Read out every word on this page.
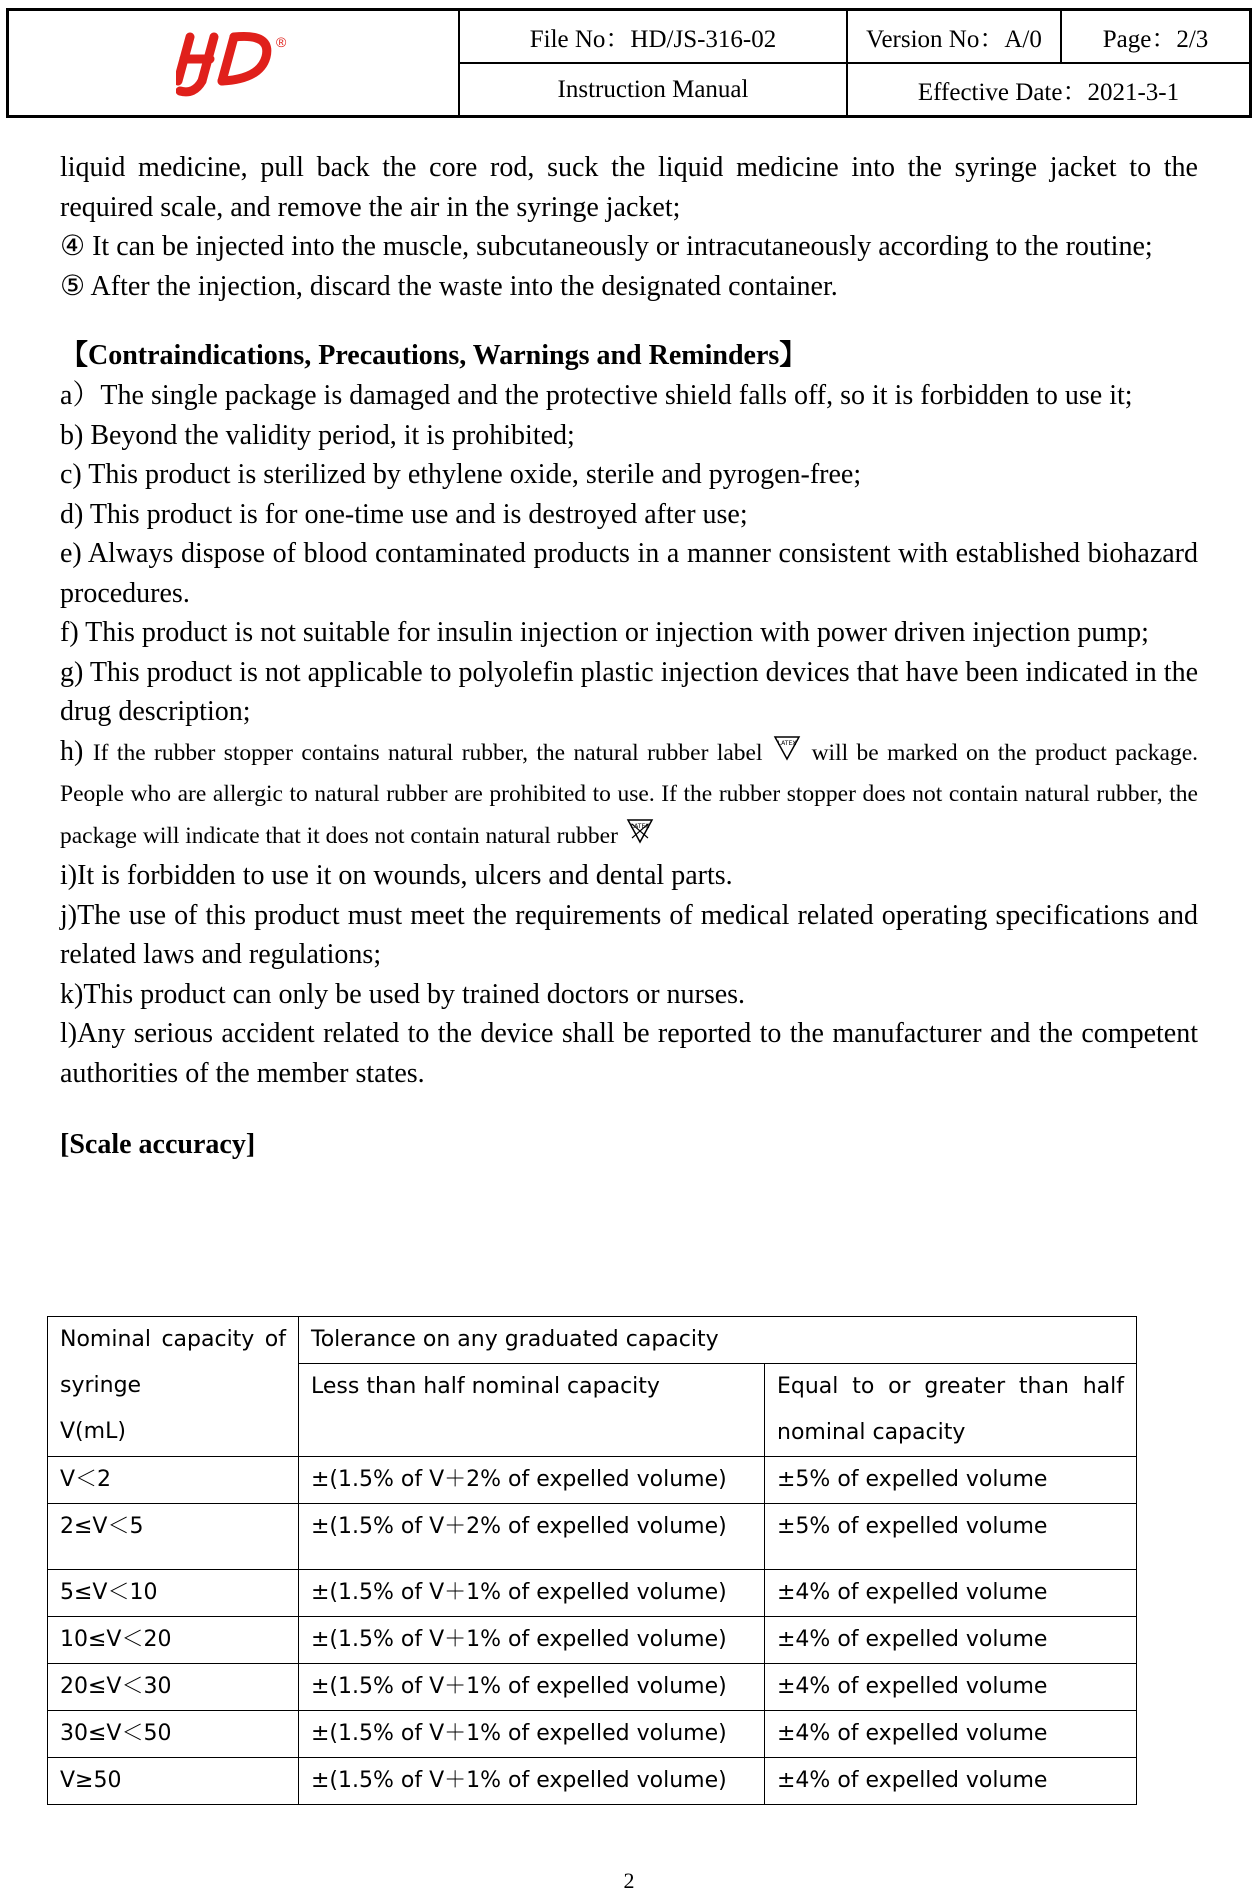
®	File No：HD/JS-316-02	Version No：A/0	Page：2/3
Instruction Manual	Effective Date：2021-3-1

liquid medicine, pull back the core rod, suck the liquid medicine into the syringe jacket to the required scale, and remove the air in the syringe jacket;

④ It can be injected into the muscle, subcutaneously or intracutaneously according to the routine;

⑤ After the injection, discard the waste into the designated container.

【Contraindications, Precautions, Warnings and Reminders】

a）The single package is damaged and the protective shield falls off, so it is forbidden to use it;

b) Beyond the validity period, it is prohibited;

c) This product is sterilized by ethylene oxide, sterile and pyrogen-free;

d) This product is for one-time use and is destroyed after use;

e) Always dispose of blood contaminated products in a manner consistent with established biohazard procedures.

f) This product is not suitable for insulin injection or injection with power driven injection pump;

g) This product is not applicable to polyolefin plastic injection devices that have been indicated in the drug description;

h) If the rubber stopper contains natural rubber, the natural rubber label	LATEX will be marked on the product package. People who are allergic to natural rubber are prohibited to use. If the rubber stopper does not contain natural rubber, the package will indicate that it does not contain natural rubber LATEX

i)It is forbidden to use it on wounds, ulcers and dental parts.

j)The use of this product must meet the requirements of medical related operating specifications and related laws and regulations;

k)This product can only be used by trained doctors or nurses.

l)Any serious accident related to the device shall be reported to the manufacturer and the competent authorities of the member states.

[Scale accuracy]

Nominal capacity of
syringe
V(mL)	Tolerance on any graduated capacity	
	Less than half nominal capacity	Equal to or greater than half
nominal capacity

V＜2	±(1.5% of V＋2% of expelled volume)	±5% of expelled volume
2≤V＜5	±(1.5% of V＋2% of expelled volume)	±5% of expelled volume
5≤V＜10	±(1.5% of V＋1% of expelled volume)	±4% of expelled volume
10≤V＜20	±(1.5% of V＋1% of expelled volume)	±4% of expelled volume
20≤V＜30	±(1.5% of V＋1% of expelled volume)	±4% of expelled volume
30≤V＜50	±(1.5% of V＋1% of expelled volume)	±4% of expelled volume
V≥50	±(1.5% of V＋1% of expelled volume)	±4% of expelled volume
2
